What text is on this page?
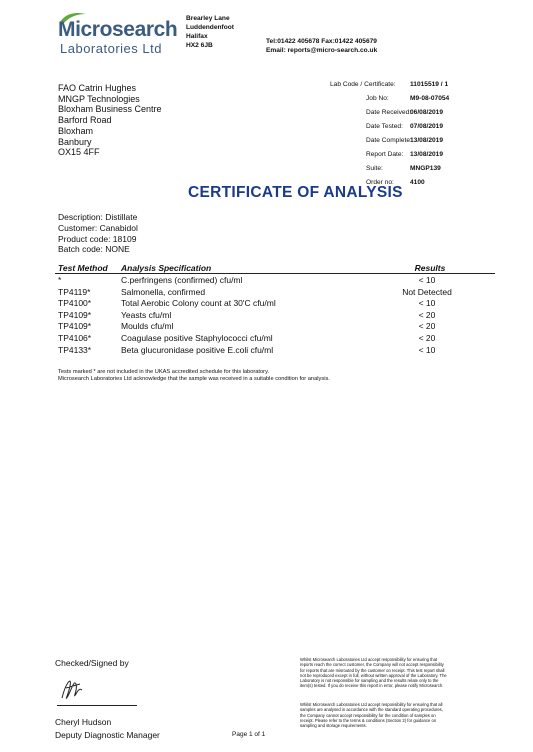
Microsearch
Laboratories Ltd
Brearley Lane
Luddendenfoot
Halifax
HX2 6JB
Tel:01422 405678 Fax:01422 405679
Email: reports@micro-search.co.uk
FAO Catrin Hughes
MNGP Technologies
Bloxham Business Centre
Barford Road
Bloxham
Banbury
OX15 4FF
Lab Code / Certificate: 11015519 / 1
Job No:	M9-08-07054
Date Received:
06/08/2019
Date Tested: 07/08/2019
Date Complete:
13/08/2019
Report Date: 13/08/2019
Suite:	MNGP139
Order no: 4100
CERTIFICATE OF ANALYSIS
Description: Distillate
Customer: Canabidol
Product code: 18109
Batch code: NONE
Test Method Analysis Specification	Results
*	C.perfringens (confirmed) cfu/ml	< 10
TP4119*	Salmonella, confirmed	Not Detected
TP4100*	Total Aerobic Colony count at 30'C cfu/ml	< 10
TP4109*	Yeasts cfu/ml	< 20
TP4109*	Moulds cfu/ml	< 20
TP4106*	Coagulase positive Staphylococci cfu/ml	< 20
TP4133*	Beta glucuronidase positive E.coli cfu/ml	< 10
Tests marked * are not included in the UKAS accredited schedule for this laboratory.
Microsearch Laboratories Ltd acknowledge that the sample was received in a suitable condition for analysis.
Checked/Signed by
Cheryl Hudson
Deputy Diagnostic Manager	Page 1 of 1
Whilst Microsearch Laboratories Ltd accept responsibility for ensuring that
reports reach the correct customer, the Company will not accept responsibility
for reports that are misrouted by the customer on receipt. This test report shall
not be reproduced except in full, without written approval of the Laboratory. The
Laboratory is not responsible for sampling and the results relate only to the
item(s) tested. If you do receive this report in error, please notify Microsearch.
Whilst Microsearch Laboratories Ltd accept responsibility for ensuring that all
samples are analysed in accordance with the standard operating procedures,
the Company cannot accept responsibility for the condition of samples on
receipt. Please refer to the terms & conditions (Section 2) for guidance on
sampling and storage requirements.
